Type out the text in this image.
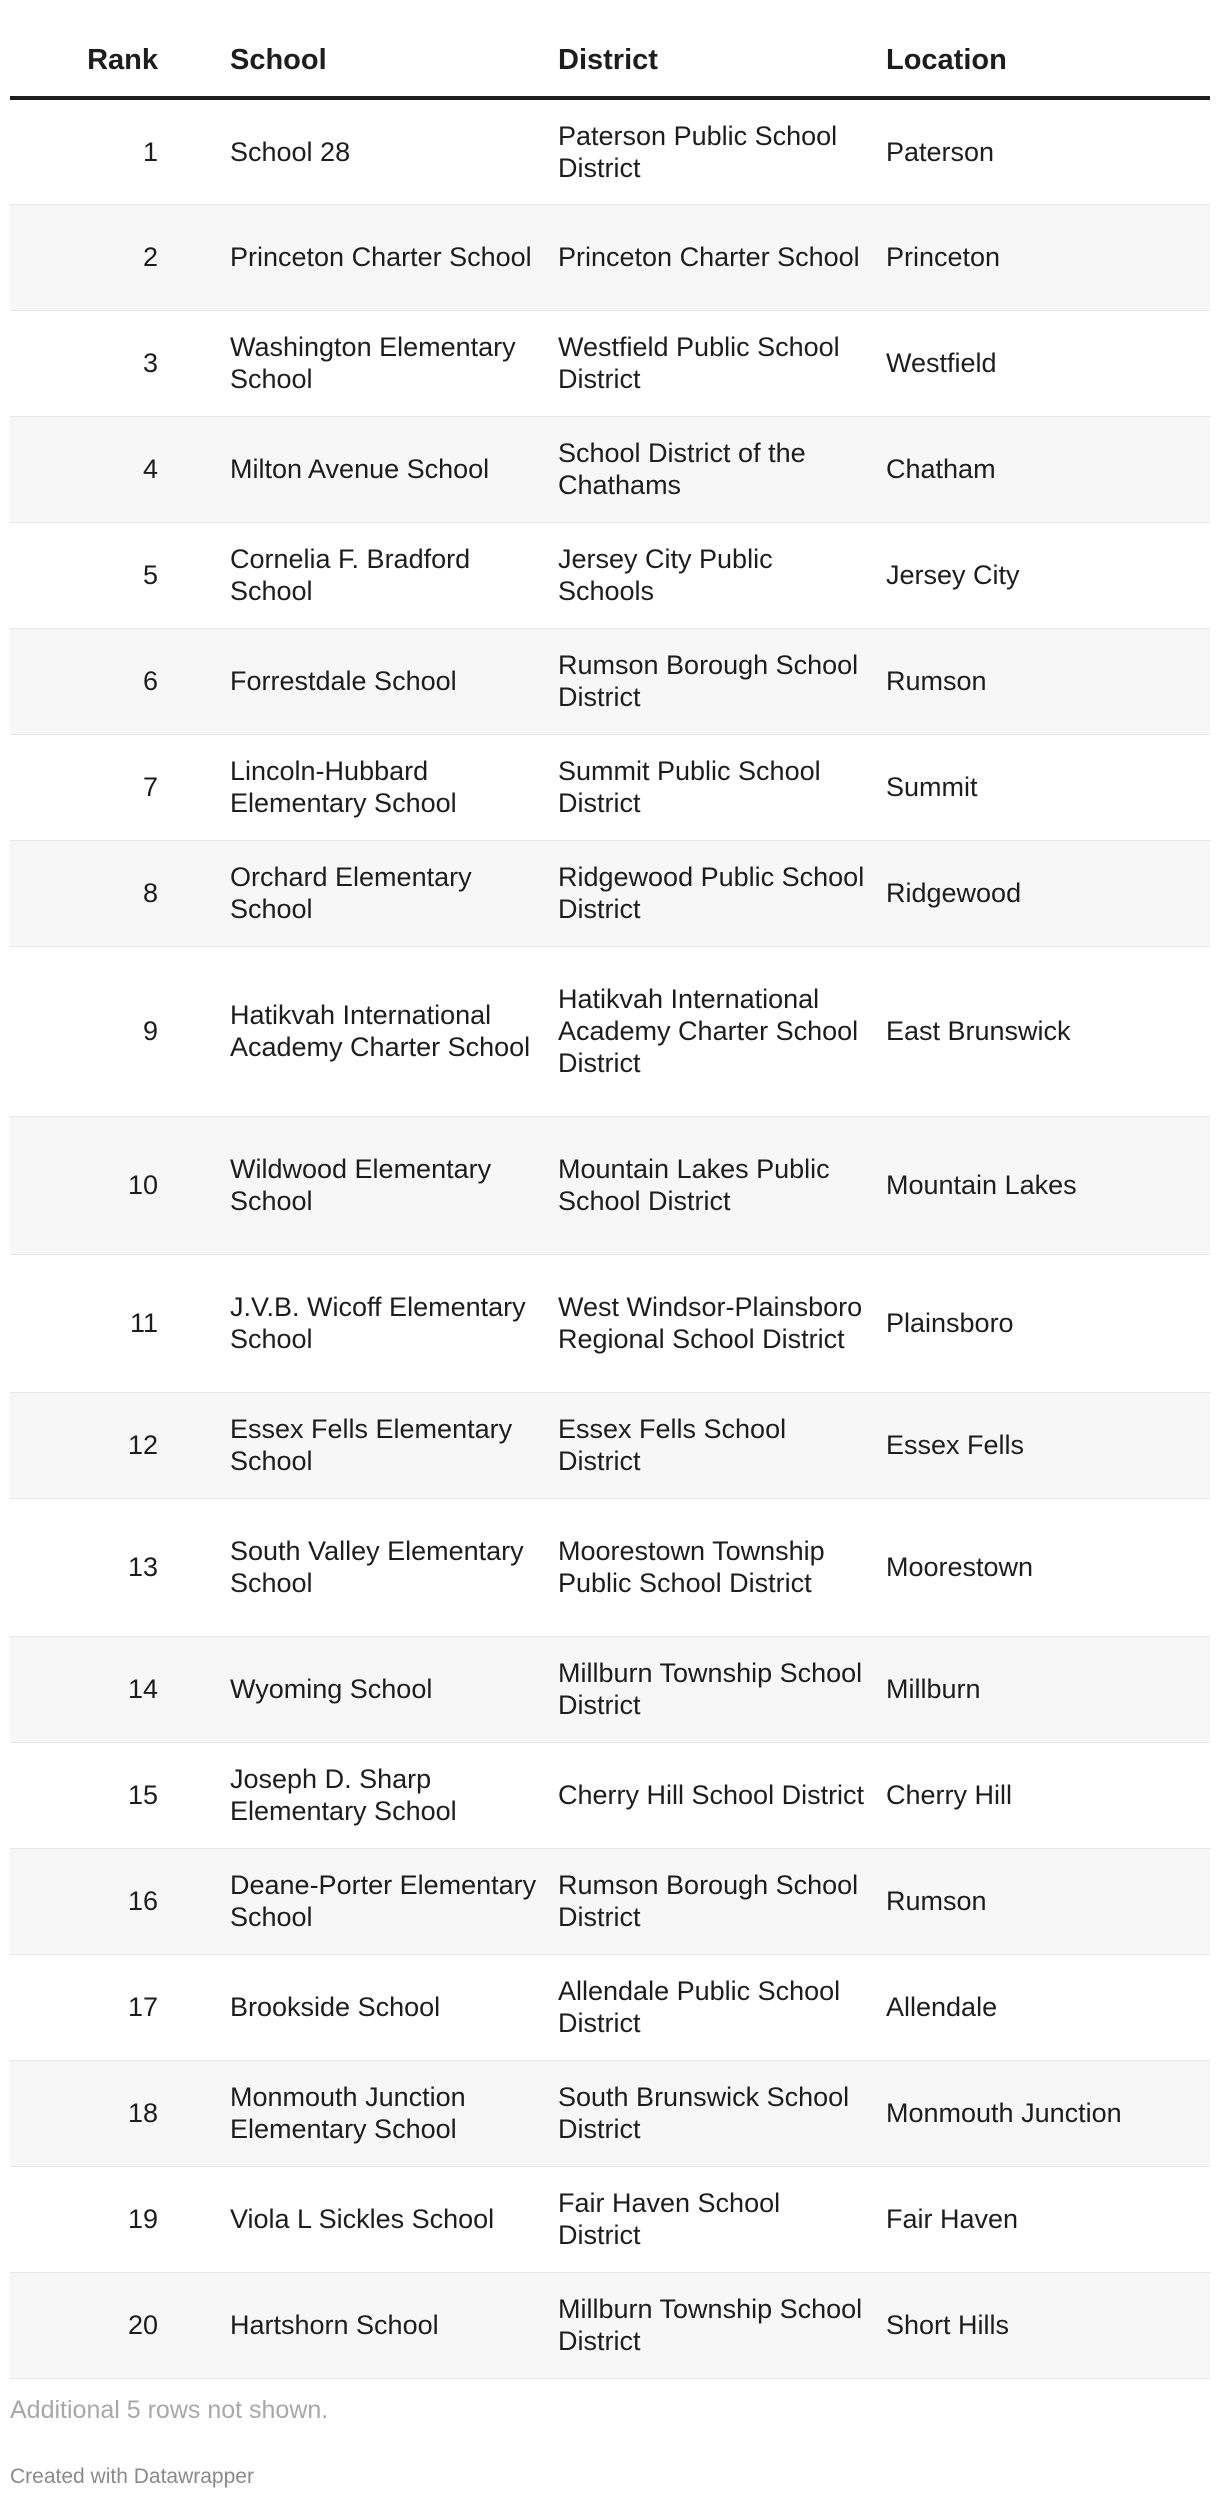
Rank	School	District	Location
1	School 28	Paterson Public School District	Paterson
2	Princeton Charter School	Princeton Charter School	Princeton
3	Washington Elementary School	Westfield Public School District	Westfield
4	Milton Avenue School	School District of the Chathams	Chatham
5	Cornelia F. Bradford School	Jersey City Public Schools	Jersey City
6	Forrestdale School	Rumson Borough School District	Rumson
7	Lincoln-Hubbard Elementary School	Summit Public School District	Summit
8	Orchard Elementary School	Ridgewood Public School District	Ridgewood
9	Hatikvah International Academy Charter School	Hatikvah International Academy Charter School District	East Brunswick
10	Wildwood Elementary School	Mountain Lakes Public School District	Mountain Lakes
11	J.V.B. Wicoff Elementary School	West Windsor-Plainsboro Regional School District	Plainsboro
12	Essex Fells Elementary School	Essex Fells School District	Essex Fells
13	South Valley Elementary School	Moorestown Township Public School District	Moorestown
14	Wyoming School	Millburn Township School District	Millburn
15	Joseph D. Sharp Elementary School	Cherry Hill School District	Cherry Hill
16	Deane-Porter Elementary School	Rumson Borough School District	Rumson
17	Brookside School	Allendale Public School District	Allendale
18	Monmouth Junction Elementary School	South Brunswick School District	Monmouth Junction
19	Viola L Sickles School	Fair Haven School District	Fair Haven
20	Hartshorn School	Millburn Township School District	Short Hills
Additional 5 rows not shown.
Created with Datawrapper
